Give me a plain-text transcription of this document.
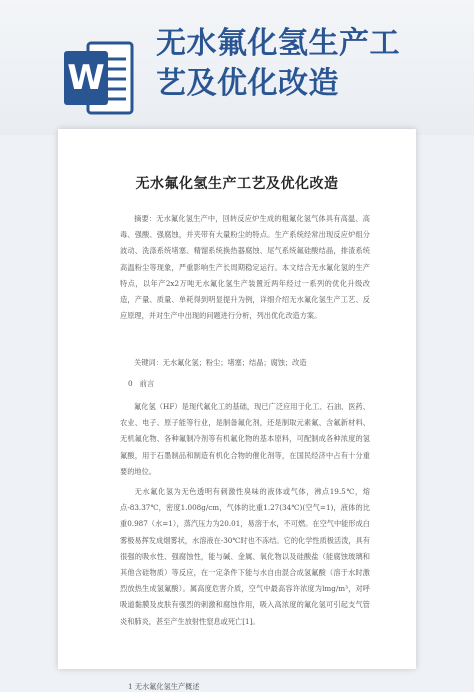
W
无水氟化氢生产工
艺及优化改造
无水氟化氢生产工艺及优化改造
摘要：无水氟化氢生产中，回转反应炉生成的粗氟化氢气体具有高温、高毒、强酸、强腐蚀，并夹带有大量粉尘的特点。生产系统经常出现反应炉组分波动、洗涤系统堵塞、精馏系统换热器腐蚀、尾气系统氟硅酸结晶，排渣系统高温粉尘等现象，严重影响生产长周期稳定运行。本文结合无水氟化氢的生产特点，以年产2x2万吨无水氟化氢生产装置近两年经过一系列的优化升级改造，产量、质量、单耗得到明显提升为例，详细介绍无水氟化氢生产工艺、反应原理，并对生产中出现的问题进行分析，列出优化改造方案。
关键词：无水氟化氢；粉尘；堵塞；结晶；腐蚀；改造
0　前言
氟化氢（HF）是现代氟化工的基础，现已广泛应用于化工、石油、医药、农业、电子、原子能等行业，是制备氟化剂，还是制取元素氟、含氟新材料、无机氟化物、各种氟制冷剂等有机氟化物的基本原料，可配制成各种浓度的氢氟酸，用于石墨制品和制造有机化合物的催化剂等，在国民经济中占有十分重要的地位。
无水氟化氢为无色透明有刺激性臭味的液体或气体，沸点19.5℃，熔点-83.37℃，密度1.008g/cm，气体的比重1.27(34℃)(空气=1)，液体的比重0.987（水=1），蒸汽压力为20.01，易溶于水，不可燃。在空气中能形成白雾极易挥发成烟雾状，水溶液在-30℃时也不冻结。它的化学性质极活泼，具有很强的吸水性、强腐蚀性，能与碱、金属、氧化物以及硅酸盐（能腐蚀玻璃和其他含硅物质）等反应，在一定条件下能与水自由混合成氢氟酸（溶于水时激烈放热生成氢氟酸）。属高度危害介质，空气中最高容许浓度为lmg/m³，对呼吸道黏膜及皮肤有强烈的刺激和腐蚀作用，吸入高浓度的氟化氢可引起支气管炎和肺炎，甚至产生放射性窒息或死亡[1]。
1 无水氟化氢生产概述
